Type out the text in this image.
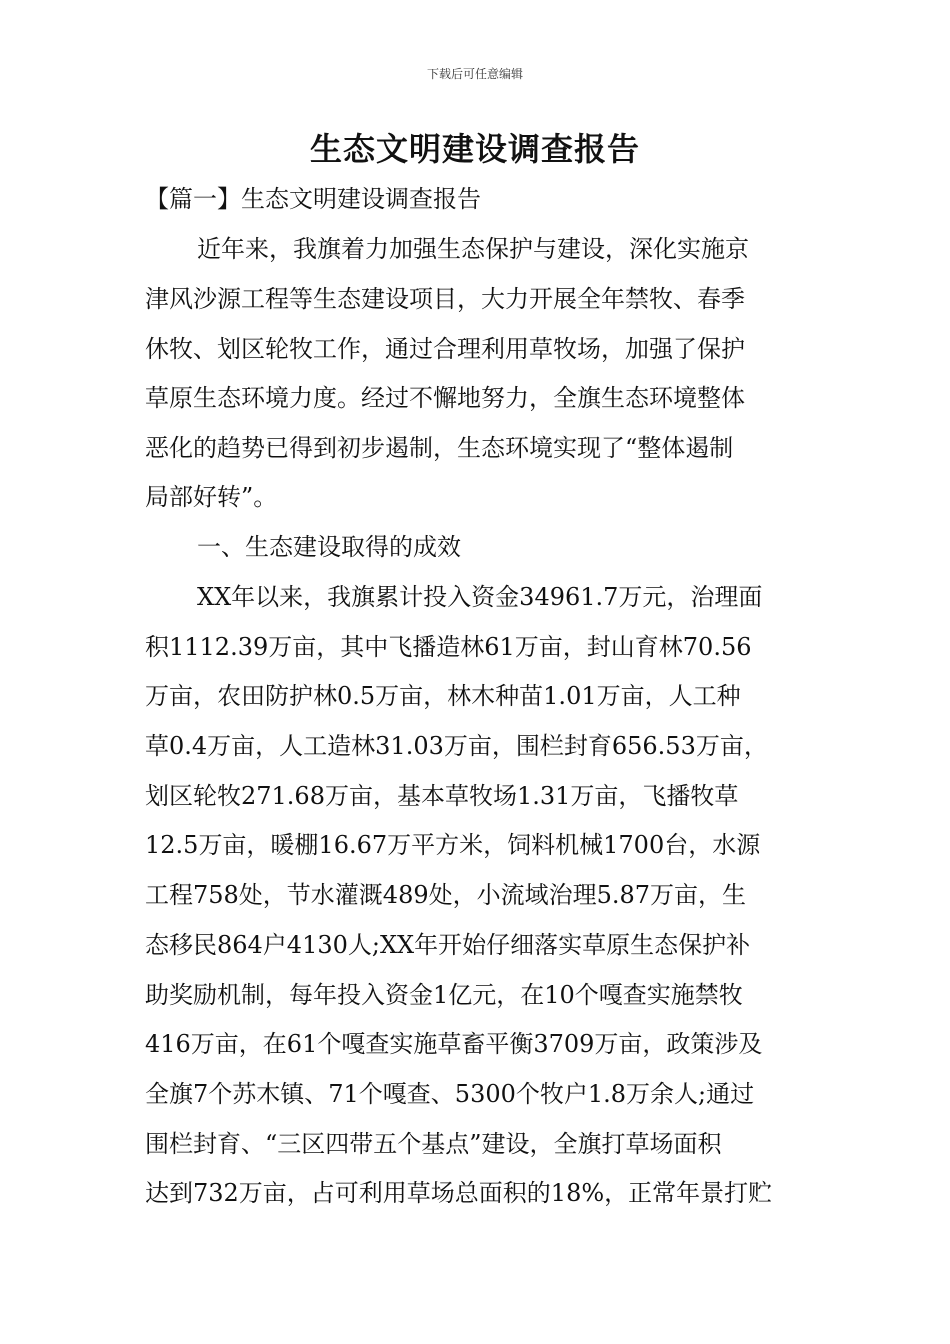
下载后可任意编辑
生态文明建设调查报告
【篇一】生态文明建设调查报告
近年来，我旗着力加强生态保护与建设，深化实施京
津风沙源工程等生态建设项目，大力开展全年禁牧、春季
休牧、划区轮牧工作，通过合理利用草牧场，加强了保护
草原生态环境力度。经过不懈地努力，全旗生态环境整体
恶化的趋势已得到初步遏制，生态环境实现了“整体遏制
局部好转”。
一、生态建设取得的成效
XX年以来，我旗累计投入资金34961.7万元，治理面
积1112.39万亩，其中飞播造林61万亩，封山育林70.56
万亩，农田防护林0.5万亩，林木种苗1.01万亩，人工种
草0.4万亩，人工造林31.03万亩，围栏封育656.53万亩，
划区轮牧271.68万亩，基本草牧场1.31万亩，飞播牧草
12.5万亩，暖棚16.67万平方米，饲料机械1700台，水源
工程758处，节水灌溉489处，小流域治理5.87万亩，生
态移民864户4130人;XX年开始仔细落实草原生态保护补
助奖励机制，每年投入资金1亿元，在10个嘎查实施禁牧
416万亩，在61个嘎查实施草畜平衡3709万亩，政策涉及
全旗7个苏木镇、71个嘎查、5300个牧户1.8万余人;通过
围栏封育、“三区四带五个基点”建设，全旗打草场面积
达到732万亩，占可利用草场总面积的18%，正常年景打贮
